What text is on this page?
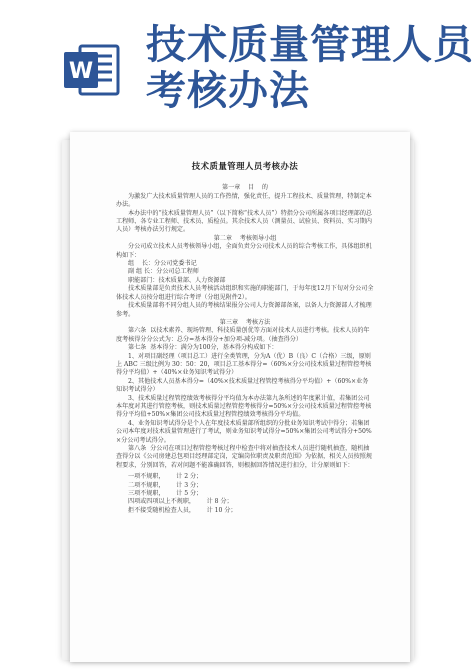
W
技术质量管理人员
考核办法
技术质量管理人员考核办法

第一章    目    的

为激发广大技术质量管理人员的工作热情，强化责任，提升工程技术、质量管理，特制定本办法。

本办法中的“技术质量管理人员”（以下简称“技术人员”）特指分公司所属各项目经理部的总工程师、各专业工程师、技术员、质检员。其余技术人员（测量员、试验员、资料员、实习期内人员）考核办法另行规定。

第二章    考核领导小组

分公司成立技术人员考核领导小组，全面负责分公司技术人员的综合考核工作，具体组织机构如下：

组    长：分公司党委书记

副 组 长：分公司总工程师

职能部门：技术质量部、人力资源部

技术质量部是负责技术人员考核活动组织和实施的职能部门，于每年度12月下旬对分公司全体技术人员按分组进行综合考评（分组见附件2）。

技术质量部将不同分组人员的考核结果报分公司人力资源部备案，以备人力资源部人才梳理参考。

第三章    考核方法

第六条  以技术素养、现场管理、科技质量创优等方面对技术人员进行考核。技术人员的年度考核得分分公式为：总分=基本得分+加分项-减分项。（抽查得分）

第七条  基本得分：满分为100分，基本得分构成如下：

1、对项目副经理（项目总工）进行全类管理，分为A（优）B（良）C（合格）三级，原则上 ABC 三级比例为 30：50：20，项目总工基本得分=（60%×分公司技术质量过程管控考核得分平均值）+（40%×业务知识考试得分）

2、其他技术人员基本得分=（40%×技术质量过程管控考核得分平均值）+（60%×业务知识考试得分）

3、技术质量过程管控绩效考核得分平均值为本办法第九条所述的年度累计值，若集团公司本年度对其进行管控考核，则技术质量过程管控考核得分=50%×分公司技术质量过程管控考核得分平均值+50%×集团公司技术质量过程管控绩效考核得分平均值。

4、业务知识考试得分是个人在年度技术质量部所组织的分批业务知识考试中得分；若集团公司本年度对技术质量管理进行了考试，则业务知识考试得分=50%×集团公司考试得分+50%×分公司考试得分。

第八条  分公司在项目过程管控考核过程中检查中将对抽查技术人员进行随机抽查，随机抽查得分以《公司房建总包项目经理部定岗，定编岗位职责及职责范围》为依据，相关人员按照规程要求，分别回答，若对问题不能准确回答，则根据回答情况进行扣分，计分原则如下：

一项不规职，      计 2 分；

二项不规职，      计 3 分；

三项不规职，      计 5 分；

四项或四项以上不规职，      计 8 分；

拒不接受随机检查人员，      计 10 分；
